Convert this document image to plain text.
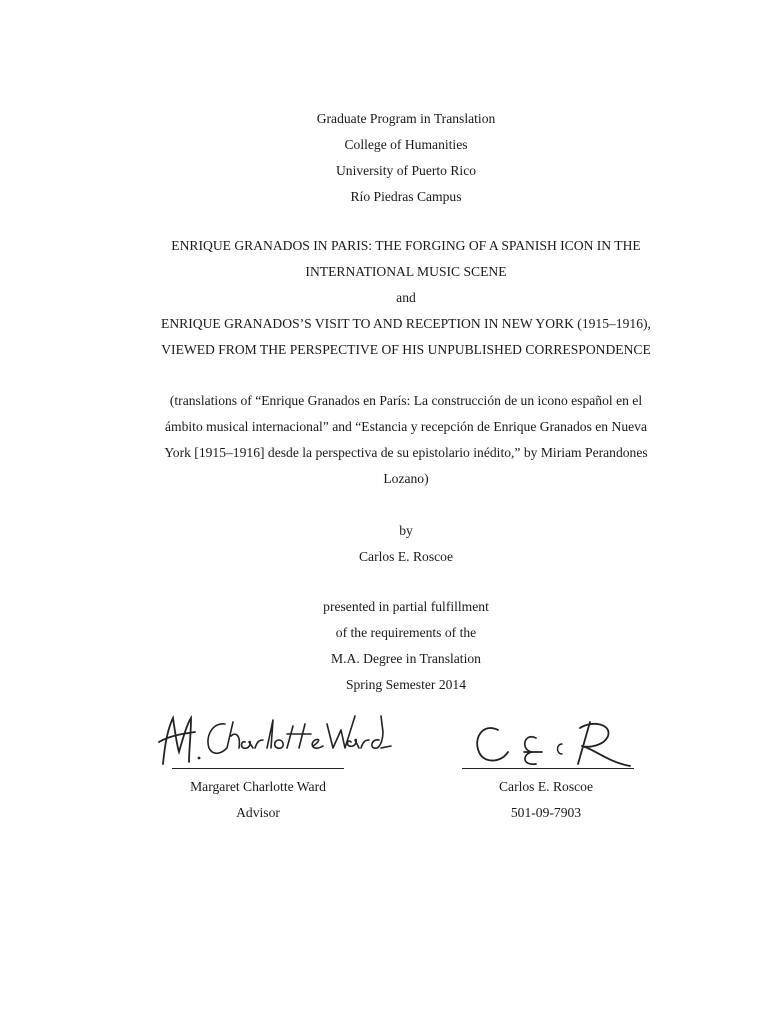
Graduate Program in Translation
College of Humanities
University of Puerto Rico
Río Piedras Campus
ENRIQUE GRANADOS IN PARIS: THE FORGING OF A SPANISH ICON IN THE
INTERNATIONAL MUSIC SCENE
and
ENRIQUE GRANADOS’S VISIT TO AND RECEPTION IN NEW YORK (1915–1916),
VIEWED FROM THE PERSPECTIVE OF HIS UNPUBLISHED CORRESPONDENCE
(translations of “Enrique Granados en París: La construcción de un icono español en el
ámbito musical internacional” and “Estancia y recepción de Enrique Granados en Nueva
York [1915–1916] desde la perspectiva de su epistolario inédito,” by Miriam Perandones
Lozano)
by
Carlos E. Roscoe
presented in partial fulfillment
of the requirements of the
M.A. Degree in Translation
Spring Semester 2014
Margaret Charlotte Ward
Advisor
Carlos E. Roscoe
501-09-7903
